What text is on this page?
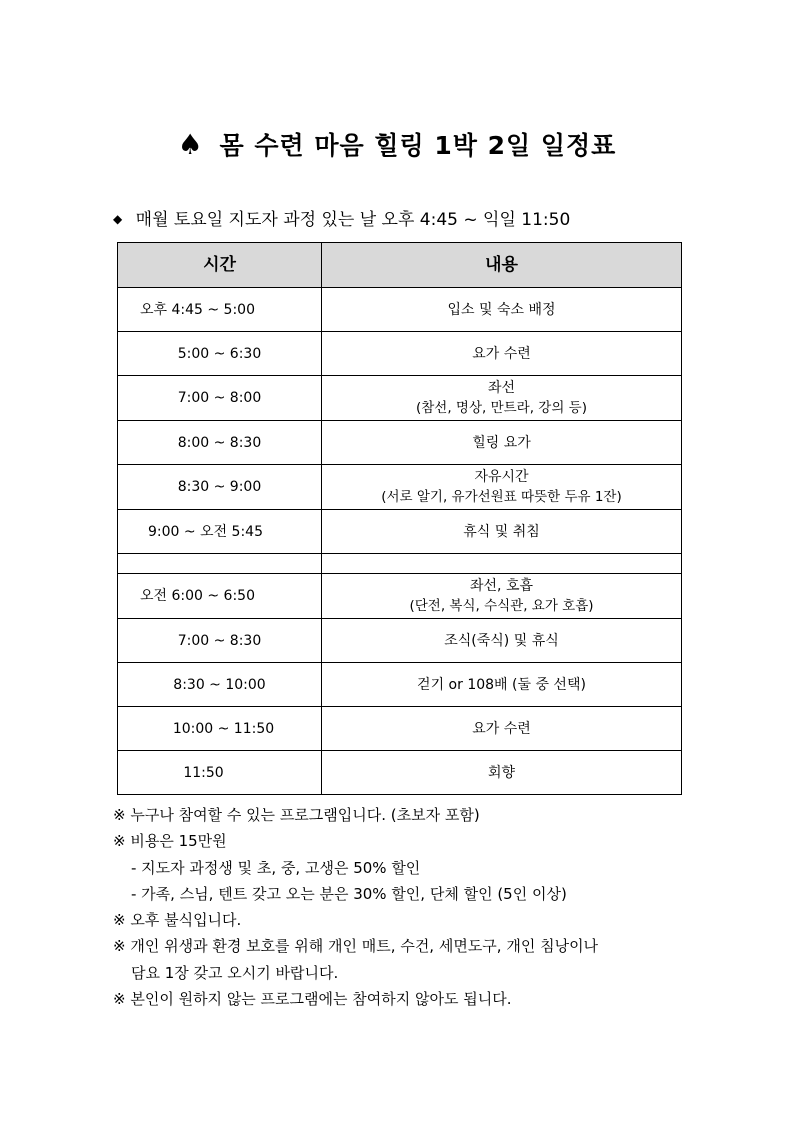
♠ 몸 수련 마음 힐링 1박 2일 일정표
◆ 매월 토요일 지도자 과정 있는 날 오후 4:45 ~ 익일 11:50
시간	내용
오후 4:45 ~ 5:00	입소 및 숙소 배정
5:00 ~ 6:30	요가 수련
7:00 ~ 8:00	좌선
(참선, 명상, 만트라, 강의 등)

8:00 ~ 8:30	힐링 요가
8:30 ~ 9:00	자유시간
(서로 알기, 유가선원표 따뜻한 두유 1잔)

9:00 ~ 오전 5:45	휴식 및 취침

오전 6:00 ~ 6:50	좌선, 호흡
(단전, 복식, 수식관, 요가 호흡)

7:00 ~ 8:30	조식(죽식) 및 휴식
8:30 ~ 10:00	걷기 or 108배 (둘 중 선택)
10:00 ~ 11:50	요가 수련
11:50	회향
※ 누구나 참여할 수 있는 프로그램입니다. (초보자 포함)
※ 비용은 15만원
- 지도자 과정생 및 초, 중, 고생은 50% 할인
- 가족, 스님, 텐트 갖고 오는 분은 30% 할인, 단체 할인 (5인 이상)
※ 오후 불식입니다.
※ 개인 위생과 환경 보호를 위해 개인 매트, 수건, 세면도구, 개인 침낭이나
담요 1장 갖고 오시기 바랍니다.
※ 본인이 원하지 않는 프로그램에는 참여하지 않아도 됩니다.
